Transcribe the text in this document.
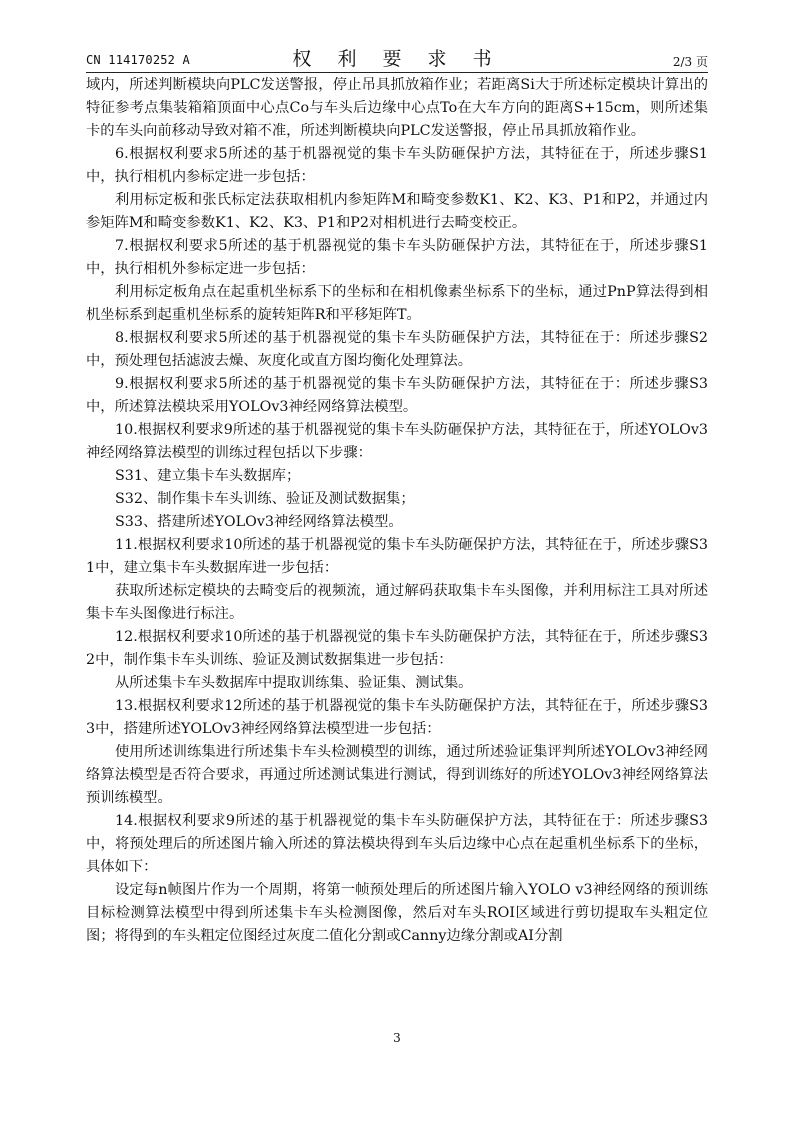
CN 114170252 A	权 利 要 求 书	2/3 页

域内，所述判断模块向PLC发送警报，停止吊具抓放箱作业；若距离Si大于所述标定模块计算出的特征参考点集装箱箱顶面中心点Co与车头后边缘中心点To在大车方向的距离S+15cm，则所述集卡的车头向前移动导致对箱不准，所述判断模块向PLC发送警报，停止吊具抓放箱作业。

6.根据权利要求5所述的基于机器视觉的集卡车头防砸保护方法，其特征在于，所述步骤S1中，执行相机内参标定进一步包括：

利用标定板和张氏标定法获取相机内参矩阵M和畸变参数K1、K2、K3、P1和P2，并通过内参矩阵M和畸变参数K1、K2、K3、P1和P2对相机进行去畸变校正。

7.根据权利要求5所述的基于机器视觉的集卡车头防砸保护方法，其特征在于，所述步骤S1中，执行相机外参标定进一步包括：

利用标定板角点在起重机坐标系下的坐标和在相机像素坐标系下的坐标，通过PnP算法得到相机坐标系到起重机坐标系的旋转矩阵R和平移矩阵T。

8.根据权利要求5所述的基于机器视觉的集卡车头防砸保护方法，其特征在于：所述步骤S2中，预处理包括滤波去燥、灰度化或直方图均衡化处理算法。

9.根据权利要求5所述的基于机器视觉的集卡车头防砸保护方法，其特征在于：所述步骤S3中，所述算法模块采用YOLOv3神经网络算法模型。

10.根据权利要求9所述的基于机器视觉的集卡车头防砸保护方法，其特征在于，所述YOLOv3神经网络算法模型的训练过程包括以下步骤：

S31、建立集卡车头数据库；

S32、制作集卡车头训练、验证及测试数据集；

S33、搭建所述YOLOv3神经网络算法模型。

11.根据权利要求10所述的基于机器视觉的集卡车头防砸保护方法，其特征在于，所述步骤S31中，建立集卡车头数据库进一步包括：

获取所述标定模块的去畸变后的视频流，通过解码获取集卡车头图像，并利用标注工具对所述集卡车头图像进行标注。

12.根据权利要求10所述的基于机器视觉的集卡车头防砸保护方法，其特征在于，所述步骤S32中，制作集卡车头训练、验证及测试数据集进一步包括：

从所述集卡车头数据库中提取训练集、验证集、测试集。

13.根据权利要求12所述的基于机器视觉的集卡车头防砸保护方法，其特征在于，所述步骤S33中，搭建所述YOLOv3神经网络算法模型进一步包括：

使用所述训练集进行所述集卡车头检测模型的训练，通过所述验证集评判所述YOLOv3神经网络算法模型是否符合要求，再通过所述测试集进行测试，得到训练好的所述YOLOv3神经网络算法预训练模型。

14.根据权利要求9所述的基于机器视觉的集卡车头防砸保护方法，其特征在于：所述步骤S3中，将预处理后的所述图片输入所述的算法模块得到车头后边缘中心点在起重机坐标系下的坐标，具体如下：

设定每n帧图片作为一个周期，将第一帧预处理后的所述图片输入YOLO v3神经网络的预训练目标检测算法模型中得到所述集卡车头检测图像，然后对车头ROI区域进行剪切提取车头粗定位图；将得到的车头粗定位图经过灰度二值化分割或Canny边缘分割或AI分割

3
